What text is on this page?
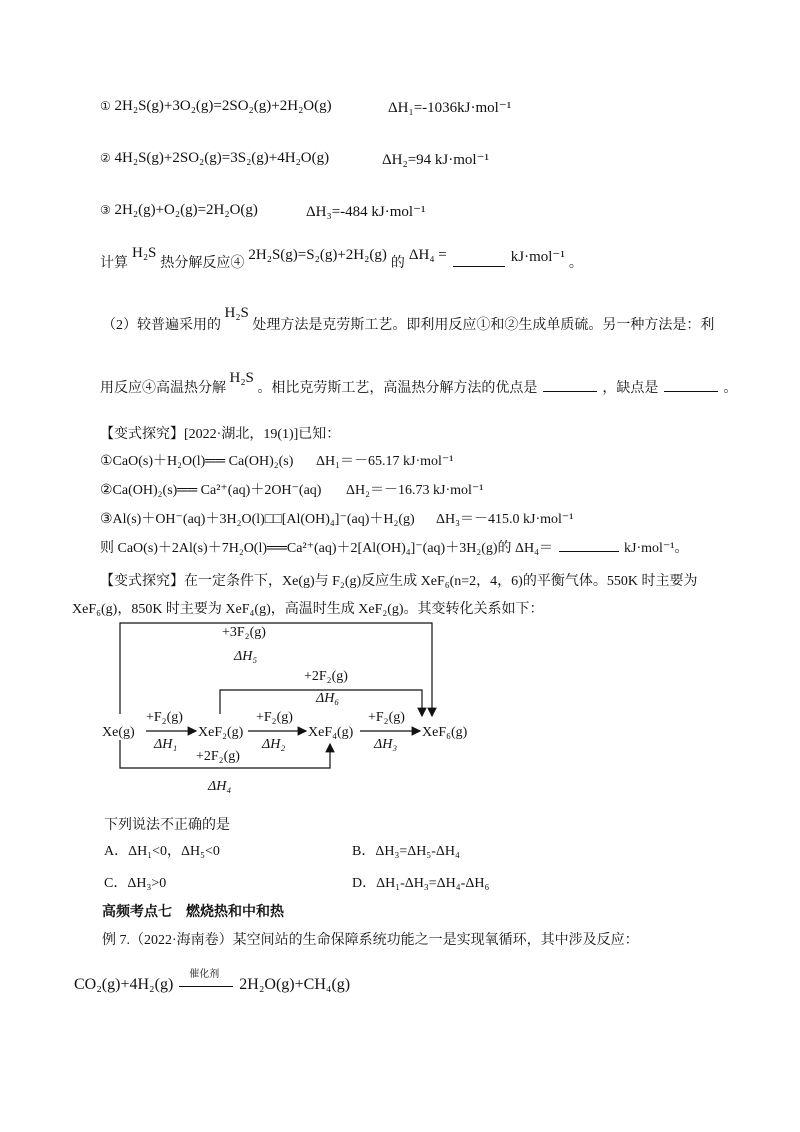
① 2H₂S(g)+3O₂(g)=2SO₂(g)+2H₂O(g)	ΔH₁=-1036kJ·mol⁻¹
② 4H₂S(g)+2SO₂(g)=3S₂(g)+4H₂O(g)	ΔH₂=94 kJ·mol⁻¹
③ 2H₂(g)+O₂(g)=2H₂O(g)	ΔH₃=-484 kJ·mol⁻¹
计算 H₂S 热分解反应④ 2H₂S(g)=S₂(g)+2H₂(g) 的 ΔH₄ =	kJ·mol⁻¹ 。
（2）较普遍采用的 H₂S 处理方法是克劳斯工艺。即利用反应①和②生成单质硫。另一种方法是：利
用反应④高温热分解 H₂S 。相比克劳斯工艺，高温热分解方法的优点是	，缺点是	。
【变式探究】[2022·湖北，19(1)]已知：
①CaO(s)＋H₂O(l)══ Ca(OH)₂(s) ΔH₁＝－65.17 kJ·mol⁻¹
②Ca(OH)₂(s)══ Ca²⁺(aq)＋2OH⁻(aq) ΔH₂＝－16.73 kJ·mol⁻¹
③Al(s)＋OH⁻(aq)＋3H₂O(l)□□[Al(OH)₄]⁻(aq)＋H₂(g) ΔH₃＝－415.0 kJ·mol⁻¹
则 CaO(s)＋2Al(s)＋7H₂O(l)══Ca²⁺(aq)＋2[Al(OH)₄]⁻(aq)＋3H₂(g)的 ΔH₄＝	kJ·mol⁻¹。
【变式探究】在一定条件下，Xe(g)与 F₂(g)反应生成 XeF₆(n=2，4，6)的平衡气体。550K 时主要为
XeF₆(g)，850K 时主要为 XeF₄(g)，高温时生成 XeF₂(g)。其变转化关系如下：
+3F₂(g)
ΔH₅
+2F₂(g)
ΔH₆
+2F₂(g)
ΔH₄
Xe(g)	XeF₂(g)	XeF₄(g)	XeF₆(g)
+F₂(g)
ΔH₁
+F₂(g)
ΔH₂
+F₂(g)
ΔH₃
下列说法不正确的是
A．ΔH₁<0，ΔH₅<0	B．ΔH₃=ΔH₅-ΔH₄
C．ΔH₃>0	D．ΔH₁-ΔH₃=ΔH₄-ΔH₆
高频考点七　燃烧热和中和热
例 7.（2022·海南卷）某空间站的生命保障系统功能之一是实现氧循环，其中涉及反应：
CO₂(g)+4H₂(g)
催化剂
2H₂O(g)+CH₄(g)
